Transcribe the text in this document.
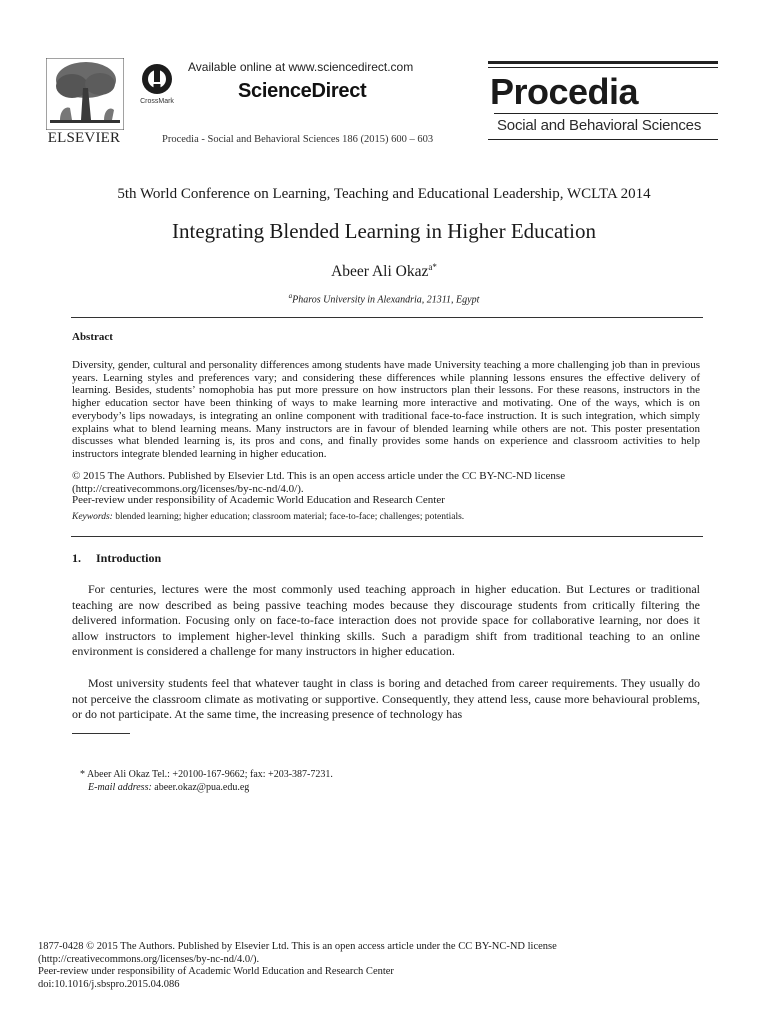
ELSEVIER
CrossMark
Available online at www.sciencedirect.com
ScienceDirect
Procedia - Social and Behavioral Sciences 186 (2015) 600 – 603
Procedia
Social and Behavioral Sciences
5th World Conference on Learning, Teaching and Educational Leadership, WCLTA 2014
Integrating Blended Learning in Higher Education
Abeer Ali Okaz$^{a*}$
$^a$Pharos University in Alexandria, 21311, Egypt
Abstract
Diversity, gender, cultural and personality differences among students have made University teaching a more challenging job than in previous years. Learning styles and preferences vary; and considering these differences while planning lessons ensures the effective delivery of learning. Besides, students’ nomophobia has put more pressure on how instructors plan their lessons. For these reasons, instructors in the higher education sector have been thinking of ways to make learning more interactive and motivating. One of the ways, which is on everybody’s lips nowadays, is integrating an online component with traditional face-to-face instruction. It is such integration, which simply explains what to blend learning means. Many instructors are in favour of blended learning while others are not. This poster presentation discusses what blended learning is, its pros and cons, and finally provides some hands on experience and classroom activities to help instructors integrate blended learning in higher education.
© 2015 The Authors. Published by Elsevier Ltd. This is an open access article under the CC BY-NC-ND license
(http://creativecommons.org/licenses/by-nc-nd/4.0/).
Peer-review under responsibility of Academic World Education and Research Center
Keywords: blended learning; higher education; classroom material; face-to-face; challenges; potentials.
1. Introduction
For centuries, lectures were the most commonly used teaching approach in higher education. But Lectures or traditional teaching are now described as being passive teaching modes because they discourage students from critically filtering the delivered information. Focusing only on face-to-face interaction does not provide space for collaborative learning, nor does it allow instructors to implement higher-level thinking skills. Such a paradigm shift from traditional teaching to an online environment is considered a challenge for many instructors in higher education.
Most university students feel that whatever taught in class is boring and detached from career requirements. They usually do not perceive the classroom climate as motivating or supportive. Consequently, they attend less, cause more behavioural problems, or do not participate. At the same time, the increasing presence of technology has
* Abeer Ali Okaz Tel.: +20100-167-9662; fax: +203-387-7231.
E-mail address: abeer.okaz@pua.edu.eg
1877-0428 © 2015 The Authors. Published by Elsevier Ltd. This is an open access article under the CC BY-NC-ND license
(http://creativecommons.org/licenses/by-nc-nd/4.0/).
Peer-review under responsibility of Academic World Education and Research Center
doi:10.1016/j.sbspro.2015.04.086
